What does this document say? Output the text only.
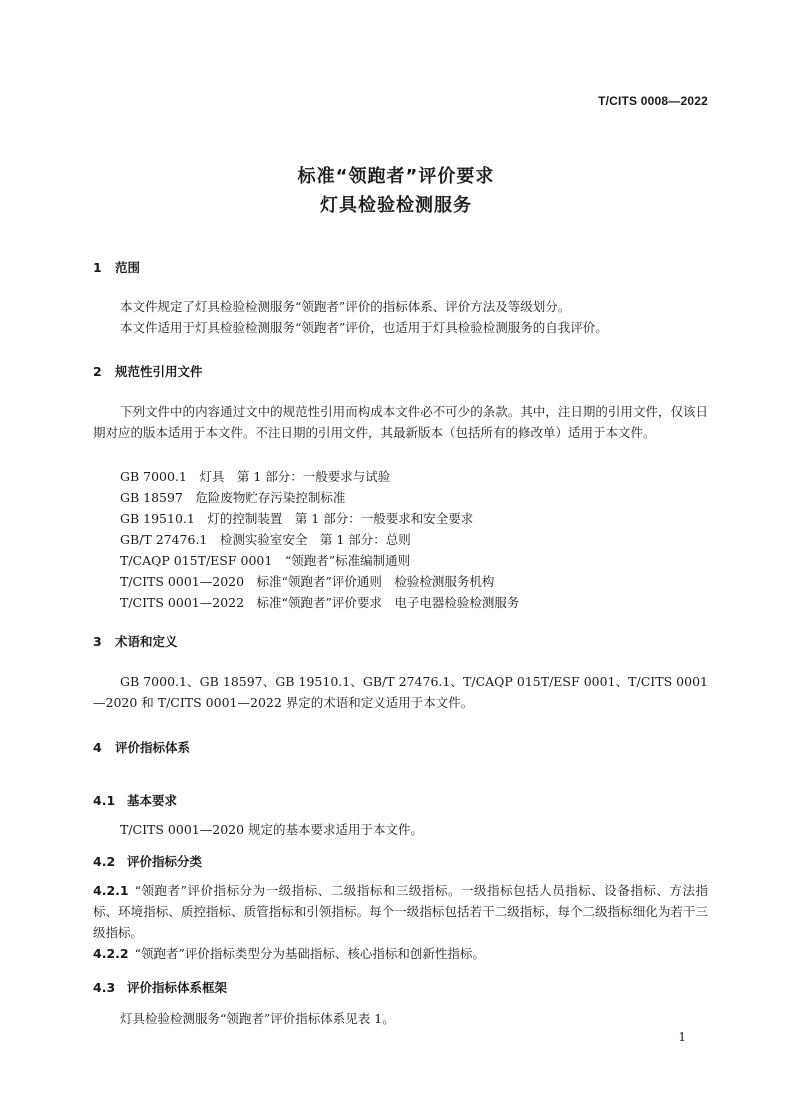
T/CITS 0008—2022
标准“领跑者”评价要求
灯具检验检测服务
1 范围
本文件规定了灯具检验检测服务“领跑者”评价的指标体系、评价方法及等级划分。
本文件适用于灯具检验检测服务“领跑者”评价，也适用于灯具检验检测服务的自我评价。
2 规范性引用文件
下列文件中的内容通过文中的规范性引用而构成本文件必不可少的条款。其中，注日期的引用文件，仅该日期对应的版本适用于本文件。不注日期的引用文件，其最新版本（包括所有的修改单）适用于本文件。
GB 7000.1　灯具　第 1 部分：一般要求与试验
GB 18597　危险废物贮存污染控制标准
GB 19510.1　灯的控制装置　第 1 部分：一般要求和安全要求
GB/T 27476.1　检测实验室安全　第 1 部分：总则
T/CAQP 015T/ESF 0001　“领跑者”标准编制通则
T/CITS 0001—2020　标准“领跑者”评价通则　检验检测服务机构
T/CITS 0001—2022　标准“领跑者”评价要求　电子电器检验检测服务
3 术语和定义
GB 7000.1、GB 18597、GB 19510.1、GB/T 27476.1、T/CAQP 015T/ESF 0001、T/CITS 0001—2020 和 T/CITS 0001—2022 界定的术语和定义适用于本文件。
4 评价指标体系
4.1 基本要求
T/CITS 0001—2020 规定的基本要求适用于本文件。
4.2 评价指标分类
4.2.1 “领跑者”评价指标分为一级指标、二级指标和三级指标。一级指标包括人员指标、设备指标、方法指标、环境指标、质控指标、质管指标和引领指标。每个一级指标包括若干二级指标，每个二级指标细化为若干三级指标。
4.2.2 “领跑者”评价指标类型分为基础指标、核心指标和创新性指标。
4.3 评价指标体系框架
灯具检验检测服务“领跑者”评价指标体系见表 1。
1
